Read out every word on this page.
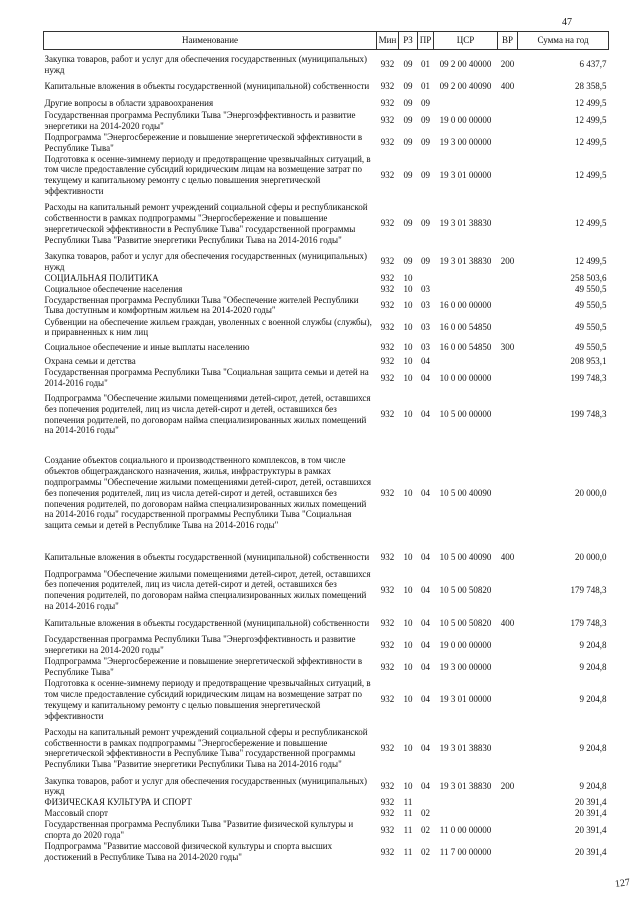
47
Наименование	Мин	РЗ	ПР	ЦСР	ВР	Сумма на год
Закупка товаров, работ и услуг для обеспечения государственных (муниципальных) нужд	932	09	01	09 2 00 40000	200	6 437,7
Капитальные вложения в объекты государственной (муниципальной) собственности	932	09	01	09 2 00 40090	400	28 358,5
Другие вопросы в области здравоохранения	932	09	09			12 499,5
Государственная программа Республики Тыва "Энергоэффективность и развитие энергетики на 2014-2020 годы"	932	09	09	19 0 00 00000		12 499,5
Подпрограмма "Энергосбережение и повышение энергетической эффективности в Республике Тыва"	932	09	09	19 3 00 00000		12 499,5
Подготовка к осенне-зимнему периоду и предотвращение чрезвычайных ситуаций, в том числе предоставление субсидий юридическим лицам на возмещение затрат по текущему и капитальному ремонту с целью повышения энергетической эффективности	932	09	09	19 3 01 00000		12 499,5
Расходы на капитальный ремонт учреждений социальной сферы и республиканской собственности в рамках подпрограммы "Энергосбережение и повышение энергетической эффективности в Республике Тыва" государственной программы Республики Тыва "Развитие энергетики Республики Тыва на 2014-2016 годы"	932	09	09	19 3 01 38830		12 499,5
Закупка товаров, работ и услуг для обеспечения государственных (муниципальных) нужд	932	09	09	19 3 01 38830	200	12 499,5
СОЦИАЛЬНАЯ ПОЛИТИКА	932	10				258 503,6
Социальное обеспечение населения	932	10	03			49 550,5
Государственная программа Республики Тыва "Обеспечение жителей Республики Тыва доступным и комфортным жильем на 2014-2020 годы"	932	10	03	16 0 00 00000		49 550,5
Субвенции на обеспечение жильем граждан, уволенных с военной службы (службы), и приравненных к ним лиц	932	10	03	16 0 00 54850		49 550,5
Социальное обеспечение и иные выплаты населению	932	10	03	16 0 00 54850	300	49 550,5
Охрана семьи и детства	932	10	04			208 953,1
Государственная программа Республики Тыва "Социальная защита семьи и детей на 2014-2016 годы"	932	10	04	10 0 00 00000		199 748,3
Подпрограмма "Обеспечение жилыми помещениями детей-сирот, детей, оставшихся без попечения родителей, лиц из числа детей-сирот и детей, оставшихся без попечения родителей, по договорам найма специализированных жилых помещений на 2014-2016 годы"	932	10	04	10 5 00 00000		199 748,3
Создание объектов социального и производственного комплексов, в том числе объектов общегражданского назначения, жилья, инфраструктуры в рамках подпрограммы "Обеспечение жилыми помещениями детей-сирот, детей, оставшихся без попечения родителей, лиц из числа детей-сирот и детей, оставшихся без попечения родителей, по договорам найма специализированных жилых помещений на 2014-2016 годы" государственной программы Республики Тыва "Социальная защита семьи и детей в Республике Тыва на 2014-2016 годы"	932	10	04	10 5 00 40090		20 000,0
Капитальные вложения в объекты государственной (муниципальной) собственности	932	10	04	10 5 00 40090	400	20 000,0
Подпрограмма "Обеспечение жилыми помещениями детей-сирот, детей, оставшихся без попечения родителей, лиц из числа детей-сирот и детей, оставшихся без попечения родителей, по договорам найма специализированных жилых помещений на 2014-2016 годы"	932	10	04	10 5 00 50820		179 748,3
Капитальные вложения в объекты государственной (муниципальной) собственности	932	10	04	10 5 00 50820	400	179 748,3
Государственная программа Республики Тыва "Энергоэффективность и развитие энергетики на 2014-2020 годы"	932	10	04	19 0 00 00000		9 204,8
Подпрограмма "Энергосбережение и повышение энергетической эффективности в Республике Тыва"	932	10	04	19 3 00 00000		9 204,8
Подготовка к осенне-зимнему периоду и предотвращение чрезвычайных ситуаций, в том числе предоставление субсидий юридическим лицам на возмещение затрат по текущему и капитальному ремонту с целью повышения энергетической эффективности	932	10	04	19 3 01 00000		9 204,8
Расходы на капитальный ремонт учреждений социальной сферы и республиканской собственности в рамках подпрограммы "Энергосбережение и повышение энергетической эффективности в Республике Тыва" государственной программы Республики Тыва "Развитие энергетики Республики Тыва на 2014-2016 годы"	932	10	04	19 3 01 38830		9 204,8
Закупка товаров, работ и услуг для обеспечения государственных (муниципальных) нужд	932	10	04	19 3 01 38830	200	9 204,8
ФИЗИЧЕСКАЯ КУЛЬТУРА И СПОРТ	932	11				20 391,4
Массовый спорт	932	11	02			20 391,4
Государственная программа Республики Тыва "Развитие физической культуры и спорта до 2020 года"	932	11	02	11 0 00 00000		20 391,4
Подпрограмма "Развитие массовой физической культуры и спорта высших достижений в Республике Тыва на 2014-2020 годы"	932	11	02	11 7 00 00000		20 391,4
127
